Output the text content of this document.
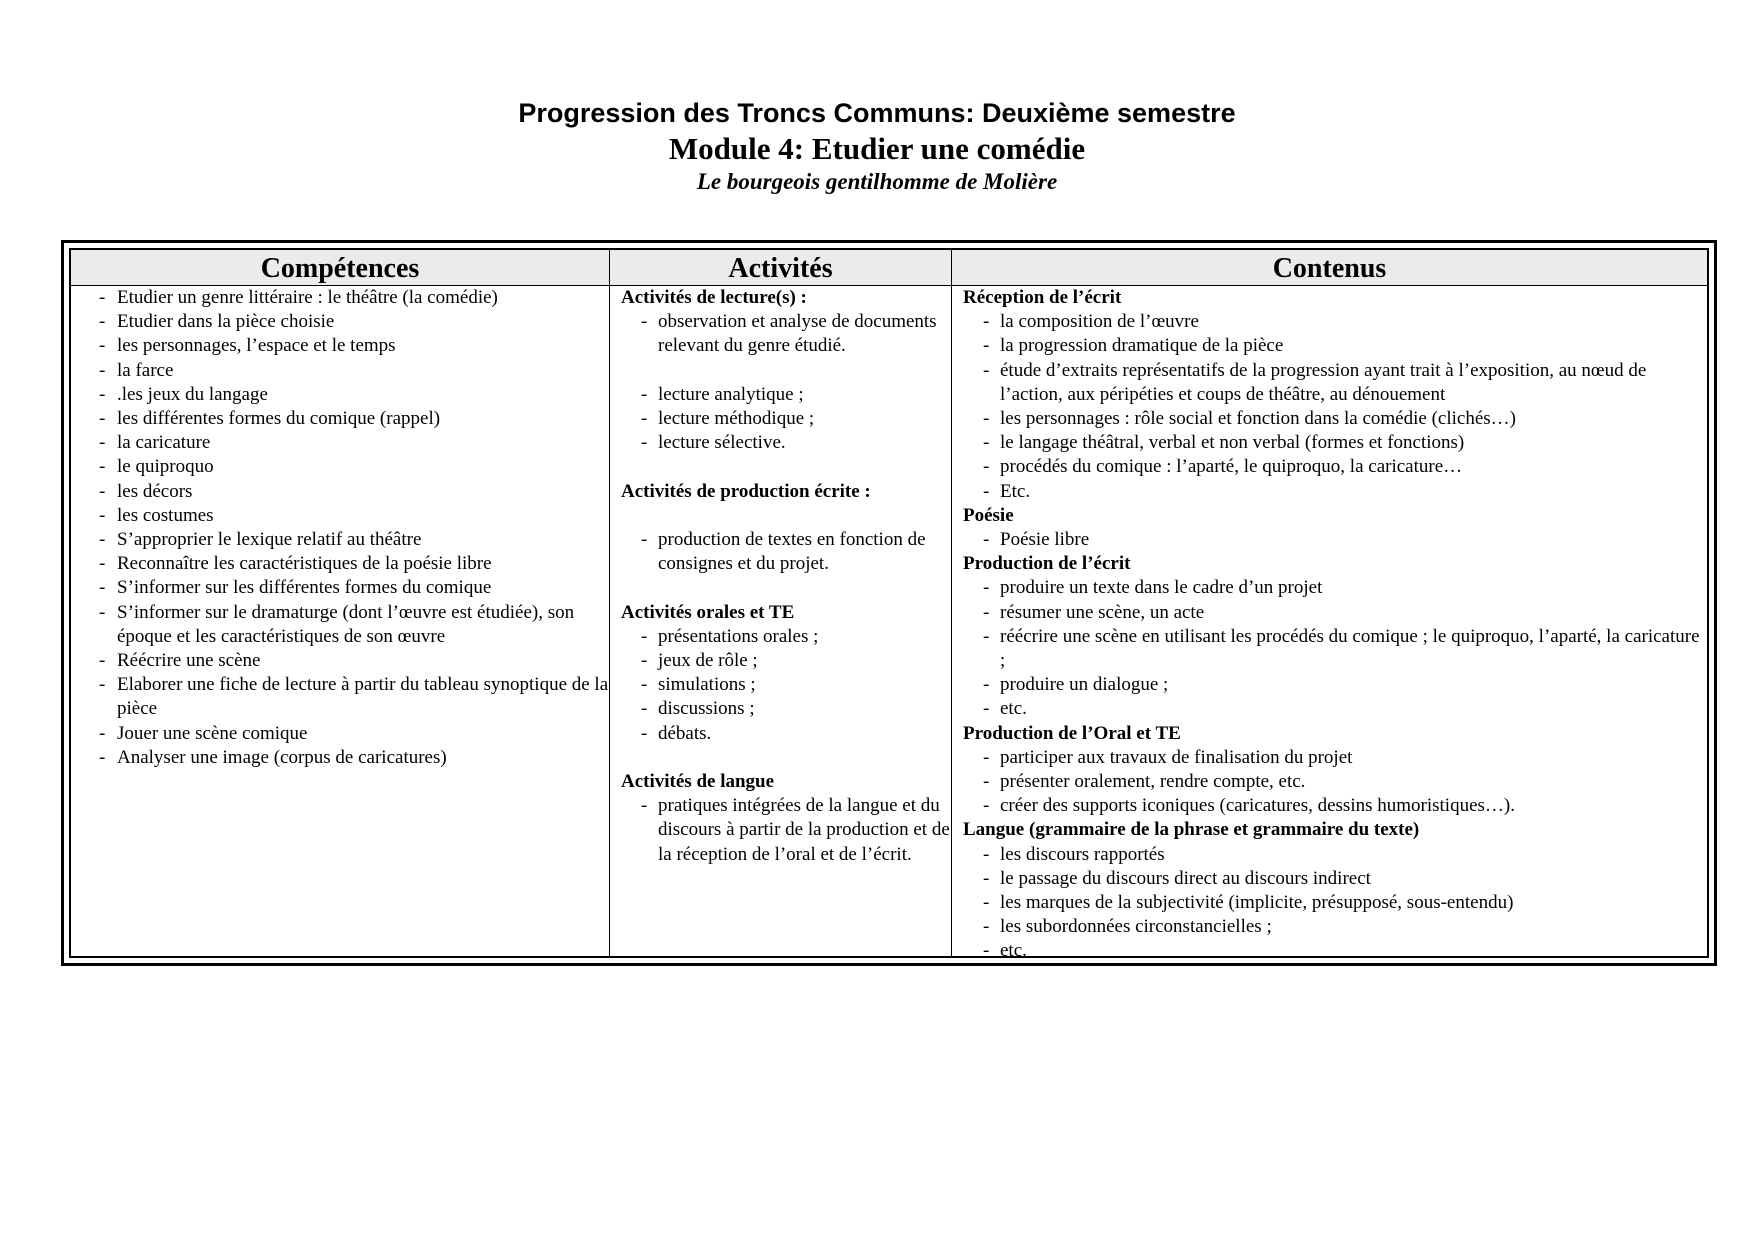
Progression des Troncs Communs: Deuxième semestre
Module 4: Etudier une comédie
Le bourgeois gentilhomme de Molière
Compétences	Activités	Contenus
- Etudier un genre littéraire : le théâtre (la comédie)
- Etudier dans la pièce choisie
- les personnages, l’espace et le temps
- la farce
- .les jeux du langage
- les différentes formes du comique (rappel)
- la caricature
- le quiproquo
- les décors
- les costumes
- S’approprier le lexique relatif au théâtre
- Reconnaître les caractéristiques de la poésie libre
- S’informer sur les différentes formes du comique
- S’informer sur le dramaturge (dont l’œuvre est étudiée), son époque et les caractéristiques de son œuvre
- Réécrire une scène
- Elaborer une fiche de lecture à partir du tableau synoptique de la pièce
- Jouer une scène comique
- Analyser une image (corpus de caricatures)
Activités de lecture(s) :
- observation et analyse de documents relevant du genre étudié.
- lecture analytique ;
- lecture méthodique ;
- lecture sélective.
Activités de production écrite :
- production de textes en fonction de consignes et du projet.
Activités orales et TE
- présentations orales ;
- jeux de rôle ;
- simulations ;
- discussions ;
- débats.
Activités de langue
- pratiques intégrées de la langue et du discours à partir de la production et de la réception de l’oral et de l’écrit.
Réception de l’écrit
- la composition de l’œuvre
- la progression dramatique de la pièce
- étude d’extraits représentatifs de la progression ayant trait à l’exposition, au nœud de l’action, aux péripéties et coups de théâtre, au dénouement
- les personnages : rôle social et fonction dans la comédie (clichés…)
- le langage théâtral, verbal et non verbal (formes et fonctions)
- procédés du comique : l’aparté, le quiproquo, la caricature…
- Etc.
Poésie
- Poésie libre
Production de l’écrit
- produire un texte dans le cadre d’un projet
- résumer une scène, un acte
- réécrire une scène en utilisant les procédés du comique ; le quiproquo, l’aparté, la caricature ;
- produire un dialogue ;
- etc.
Production de l’Oral et TE
- participer aux travaux de finalisation du projet
- présenter oralement, rendre compte, etc.
- créer des supports iconiques (caricatures, dessins humoristiques…).
Langue (grammaire de la phrase et grammaire du texte)
- les discours rapportés
- le passage du discours direct au discours indirect
- les marques de la subjectivité (implicite, présupposé, sous-entendu)
- les subordonnées circonstancielles ;
- etc.
